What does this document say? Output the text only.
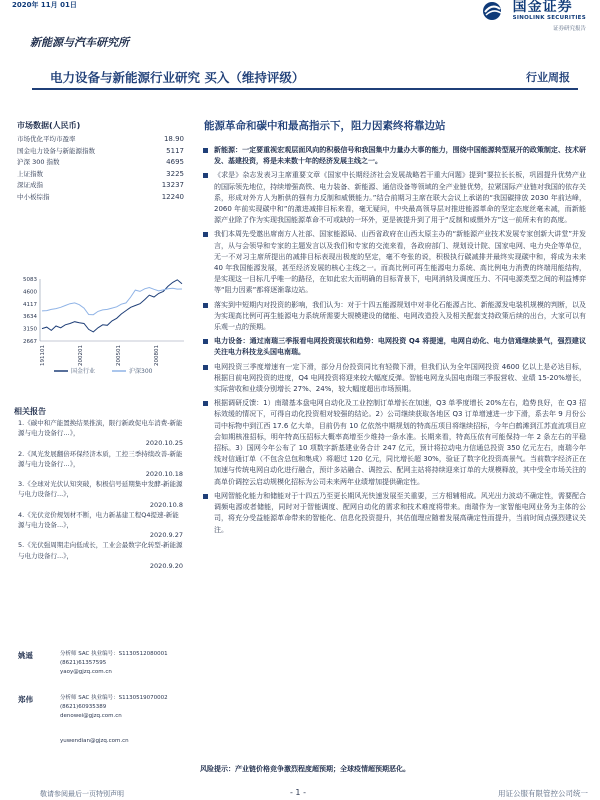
2020年 11月 01日	国金证券
SINOLINK SECURITIES
证券研究报告
新能源与汽车研究所
电力设备与新能源行业研究 买入（维持评级）	行业周报
市场数据(人民币)
市场优化平均市盈率	18.90
国金电力设备与新能源指数	5117
沪深 300 指数	4695
上证指数	3225
深证成指	13237
中小板综指	12240
5083
4600
4117
3634
3150
2667
191101	200201	200501	200801
国金行业	沪深300
相关报告
1.《碳中和产能置换结果推演，限行新政促电车消费-新能源与电力设备行...》，
2020.10.25
2.《风光发展翻倍环保经济本质，工控三季持续改善-新能源与电力设备行...》，
2020.10.18
3.《全球对光伏认知突破，积极信号延期集中发酵-新能源与电力设备行...》，
2020.10.8
4.《光伏竞价规划材不断，电力新基建工程Q4提速-新能源与电力设备...》，
2020.9.27
5.《光伏强周期走向低成长，工业会最数字化转型-新能源与电力设备行...》，
2020.9.20
姚遥	分析师 SAC 执业编号：S1130512080001
(8621)61357595
yaoy@gjzq.com.cn
郑伟	分析师 SAC 执业编号：S1130519070002
(8621)60935389
denowei@gjzq.com.cn
yuwendian@gjzq.com.cn
能源革命和碳中和最高指示下，阻力因素终将靠边站
新能源：一定要重视宏观层面风向的积极信号和我国集中力量办大事的能力，围绕中国能源转型展开的政策制定、技术研发、基建投资，将是未来数十年的经济发展主线之一。
《求是》杂志发表习主席重要文章《国家中长期经济社会发展战略若干重大问题》提到“要拉长长板，巩固提升优势产业的国际领先地位，持续增强高铁、电力装备、新能源、通信设备等领域的全产业链优势，拉紧国际产业链对我国的依存关系，形成对外方人为断供的强有力反制和威慑能力。”结合前期习主席在联大会议上承诺的“我国碳排放 2030 年前达峰，2060 年前实现碳中和”的激进减排目标来看，毫无疑问，中央最高领导层对推进能源革命的坚定态度丝毫未减，而新能源产业除了作为实现我国能源革命不可或缺的一环外，更是被提升到了用于“反制和威慑外方”这一前所未有的高度。
我们本周先受邀出席南方人社部、国家能源局、山西省政府在山西太原主办的“新能源产业技术发展专家创新大讲堂”并发言，从与会领导和专家的主题发言以及我们和专家的交流来看，各政府部门、规划设计院、国家电网、电力央企等单位，无一不对习主席所提出的减排目标表现出极度的坚定，毫不夸张的说，积极执行碳减排并最终实现碳中和，将成为未来 40 年我国能源发展，甚至经济发展的核心主线之一。而高比例可再生能源电力系统、高比例电力消费的终端用能结构，是实现这一目标几乎唯一的路径，在如此宏大而明确的目标背景下，电网消纳及调度压力、不同电源类型之间的利益博弈等“阻力因素”都将逐渐靠边站。
落实到中短期内对投资的影响，我们认为：对于十四五能源规划中对非化石能源占比、新能源发电装机规模的判断，以及为实现高比例可再生能源电力系统所需要大规模建设的储能、电网改造投入及相关配套支持政策后续的出台，大家可以有乐观一点的预期。
电力设备：通过南瑞三季报看电网投资现状和趋势：电网投资 Q4 将提速，电网自动化、电力信通继续景气，强烈建议关注电力科技龙头国电南瑞。
电网投资三季度增速有一定下滑，部分月份投资同比有轻微下滑，但我们认为全年国网投资 4600 亿以上是必达目标，根据目前电网投资的进度，Q4 电网投资将迎来较大幅度反弹。智能电网龙头国电南瑞三季报营收、业绩 15-20%增长，实际营收和业绩分别增长 27%、24%，较大幅度超出市场预期。
根据调研反馈：1）南瑞基本盘电网自动化及工业控制订单增长在加速，Q3 单季度增长 20%左右，趋势良好，在 Q3 招标效缓的情况下，可得自动化投资相对较强的结论。2）公司继续获取各地区 Q3 订单增速进一步下滑，系去年 9 月份公司中标物中到江西 17.6 亿大单，目前仍有 10 亿依然中期规划的特高压项目将继续招标，今年白鹤滩到江苏直流项目应会如期核准招标，明年特高压招标大概率高增至少维持一条水准。长期来看，特高压依有可能保持一年 2 条左右的平稳招标。3）国网今年公布了 10 项数字新基建业务合计 247 亿元，预计将拉动电力信通总投资 350 亿元左右，南瑞今年线对信通订单（不包含总包和集成）将超过 120 亿元，同比增长超 30%，验证了数字化投资高景气。当前数字经济正在加速与传统电网自动化进行融合，预计多站融合、调控云、配网主站将持续迎来订单的大规模释放，其中受全市场关注的高单价调控云启动规模化招标为公司未来两年业绩增加提供确定性。
电网智能化能力和储能对于十四五乃至更长期风光快速发展至关重要，三方相辅相成。风光出力波动不确定性，需要配合调频电源或者储能，同时对于智能调度、配网自动化的需求和技术难度将带来。南瑞作为一家智能电网业务为主体的公司，将充分受益能源革命带来的智能化、信息化投资提升，其估值理应随着发展高确定性而提升，当前时间点强烈建议关注。
风险提示：产业链价格竞争激烈程度超预期；全球疫情超预期恶化。
敬请参阅最后一页特别声明	- 1 -	用证公服有限管控公司统一
